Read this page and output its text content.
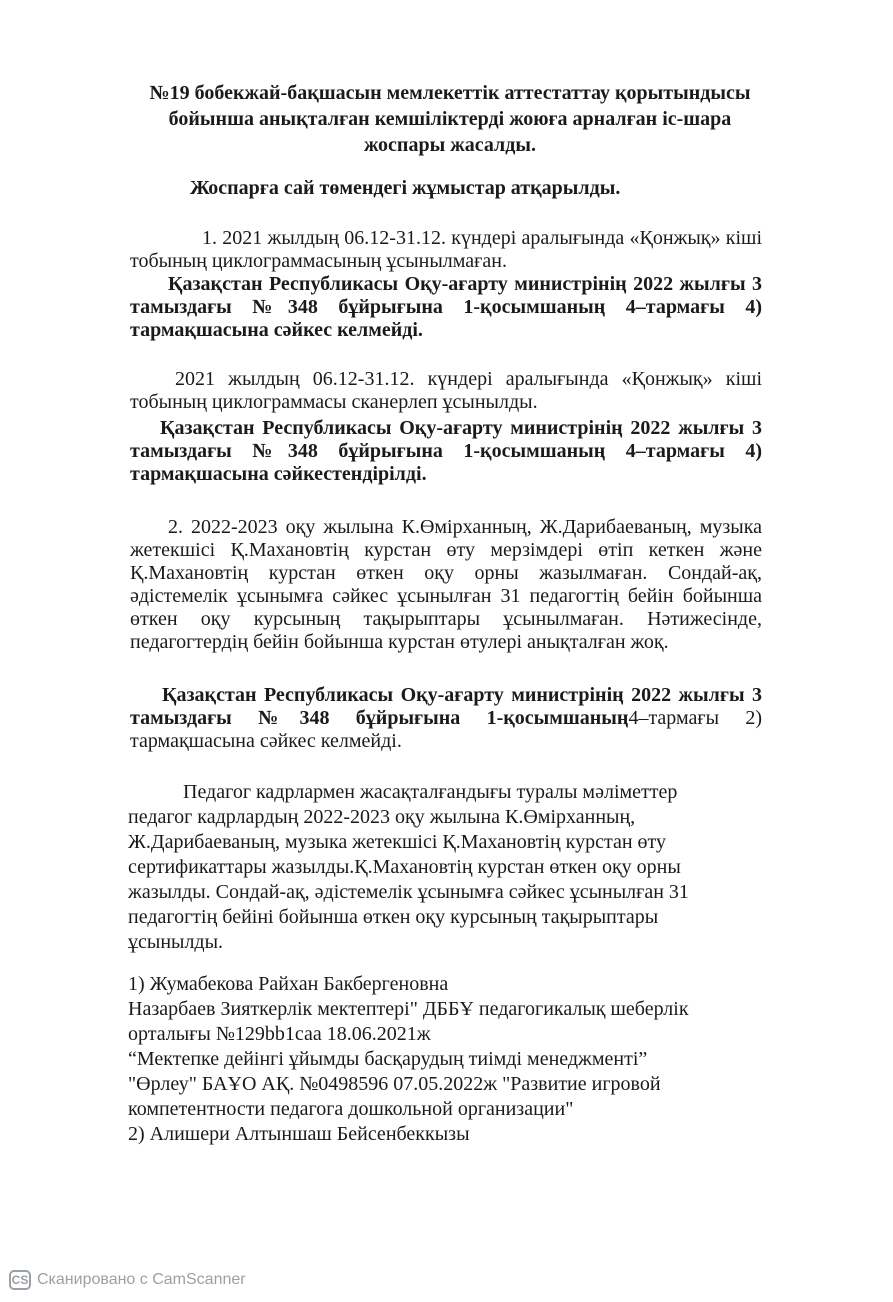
№19 бобекжай-бақшасын мемлекеттік аттестаттау қорытындысы бойынша анықталған кемшіліктерді жоюға арналған іс-шара жоспары жасалды.
Жоспарға сай төмендегі жұмыстар атқарылды.

1. 2021 жылдың 06.12-31.12. күндері аралығында «Қонжық» кіші тобының циклограммасының ұсынылмаған.

Қазақстан Республикасы Оқу-ағарту министрінің 2022 жылғы 3 тамыздағы №348 бұйрығына 1-қосымшаның 4–тармағы 4) тармақшасына сәйкес келмейді.

2021 жылдың 06.12-31.12. күндері аралығында «Қонжық» кіші тобының циклограммасы сканерлеп ұсынылды.

Қазақстан Республикасы Оқу-ағарту министрінің 2022 жылғы 3 тамыздағы №348 бұйрығына 1-қосымшаның 4–тармағы 4) тармақшасына сәйкестендірілді.

2. 2022-2023 оқу жылына К.Өмірханның, Ж.Дарибаеваның, музыка жетекшісі Қ.Махановтің курстан өту мерзімдері өтіп кеткен және Қ.Махановтің курстан өткен оқу орны жазылмаған. Сондай-ақ, әдістемелік ұсынымға сәйкес ұсынылған 31 педагогтің бейін бойынша өткен оқу курсының тақырыптары ұсынылмаған. Нәтижесінде, педагогтердің бейін бойынша курстан өтулері анықталған жоқ.

Қазақстан Республикасы Оқу-ағарту министрінің 2022 жылғы 3 тамыздағы №348 бұйрығына 1-қосымшаның4–тармағы 2) тармақшасына сәйкес келмейді.

Педагог кадрлармен жасақталғандығы туралы мәліметтер педагог кадрлардың 2022-2023 оқу жылына К.Өмірханның, Ж.Дарибаеваның, музыка жетекшісі Қ.Махановтің курстан өту сертификаттары жазылды.Қ.Махановтің курстан өткен оқу орны жазылды. Сондай-ақ, әдістемелік ұсынымға сәйкес ұсынылған 31 педагогтің бейіні бойынша өткен оқу курсының тақырыптары ұсынылды.

1) Жумабекова Райхан Бакбергеновна
Назарбаев Зияткерлік мектептері" ДББҰ педагогикалық шеберлік
орталығы №129bb1саа 18.06.2021ж
“Мектепке дейінгі ұйымды басқарудың тиімді менеджменті”
"Өрлеу" БАҰО АҚ. №0498596 07.05.2022ж "Развитие игровой
компетентности педагога дошкольной организации"
2) Алишери Алтыншаш Бейсенбеккызы
CS Сканировано с CamScanner
